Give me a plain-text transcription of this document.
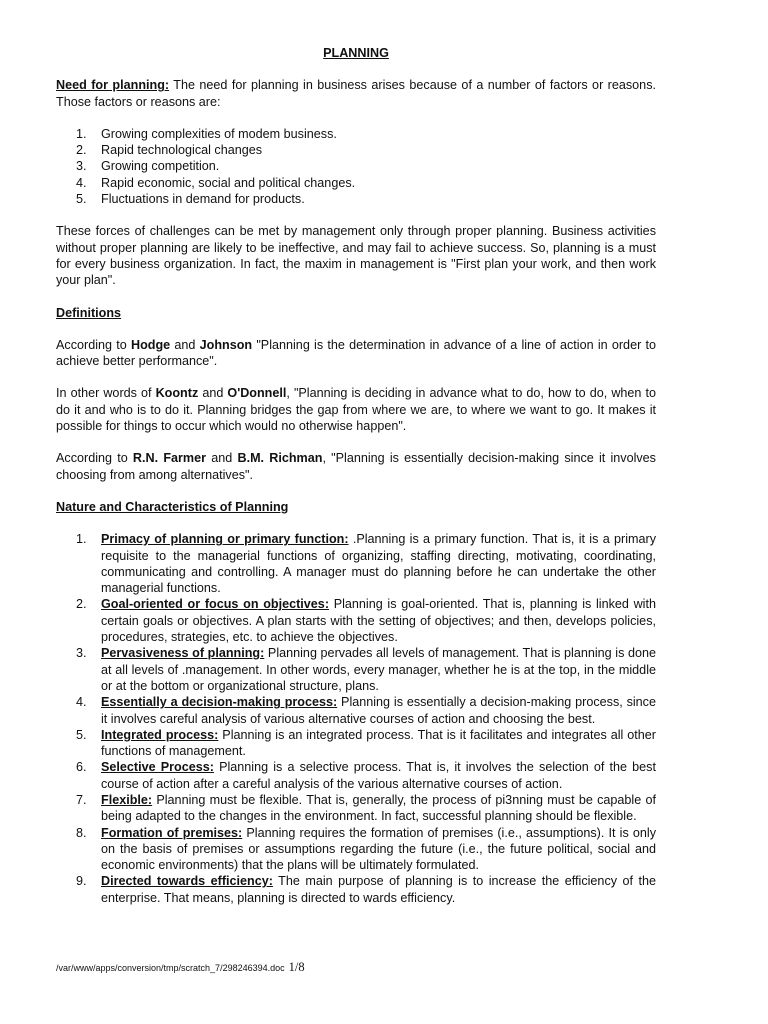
PLANNING

Need for planning: The need for planning in business arises because of a number of factors or reasons. Those factors or reasons are:

1. Growing complexities of modem business.
2. Rapid technological changes
3. Growing competition.
4. Rapid economic, social and political changes.
5. Fluctuations in demand for products.

These forces of challenges can be met by management only through proper planning. Business activities without proper planning are likely to be ineffective, and may fail to achieve success. So, planning is a must for every business organization. In fact, the maxim in management is "First plan your work, and then work your plan".

Definitions

According to Hodge and Johnson "Planning is the determination in advance of a line of action in order to achieve better performance".

In other words of Koontz and O'Donnell, "Planning is deciding in advance what to do, how to do, when to do it and who is to do it. Planning bridges the gap from where we are, to where we want to go. It makes it possible for things to occur which would no otherwise happen".

According to R.N. Farmer and B.M. Richman, "Planning is essentially decision-making since it involves choosing from among alternatives".

Nature and Characteristics of Planning

1. Primacy of planning or primary function: .Planning is a primary function. That is, it is a primary requisite to the managerial functions of organizing, staffing directing, motivating, coordinating, communicating and controlling. A manager must do planning before he can undertake the other managerial functions.
2. Goal-oriented or focus on objectives: Planning is goal-oriented. That is, planning is linked with certain goals or objectives. A plan starts with the setting of objectives; and then, develops policies, procedures, strategies, etc. to achieve the objectives.
3. Pervasiveness of planning: Planning pervades all levels of management. That is planning is done at all levels of .management. In other words, every manager, whether he is at the top, in the middle or at the bottom or organizational structure, plans.
4. Essentially a decision-making process: Planning is essentially a decision-making process, since it involves careful analysis of various alternative courses of action and choosing the best.
5. Integrated process: Planning is an integrated process. That is it facilitates and integrates all other functions of management.
6. Selective Process: Planning is a selective process. That is, it involves the selection of the best course of action after a careful analysis of the various alternative courses of action.
7. Flexible: Planning must be flexible. That is, generally, the process of pi3nning must be capable of being adapted to the changes in the environment. In fact, successful planning should be flexible.
8. Formation of premises: Planning requires the formation of premises (i.e., assumptions). It is only on the basis of premises or assumptions regarding the future (i.e., the future political, social and economic environments) that the plans will be ultimately formulated.
9. Directed towards efficiency: The main purpose of planning is to increase the efficiency of the enterprise. That means, planning is directed to wards efficiency.
/var/www/apps/conversion/tmp/scratch_7/298246394.doc 1/8
